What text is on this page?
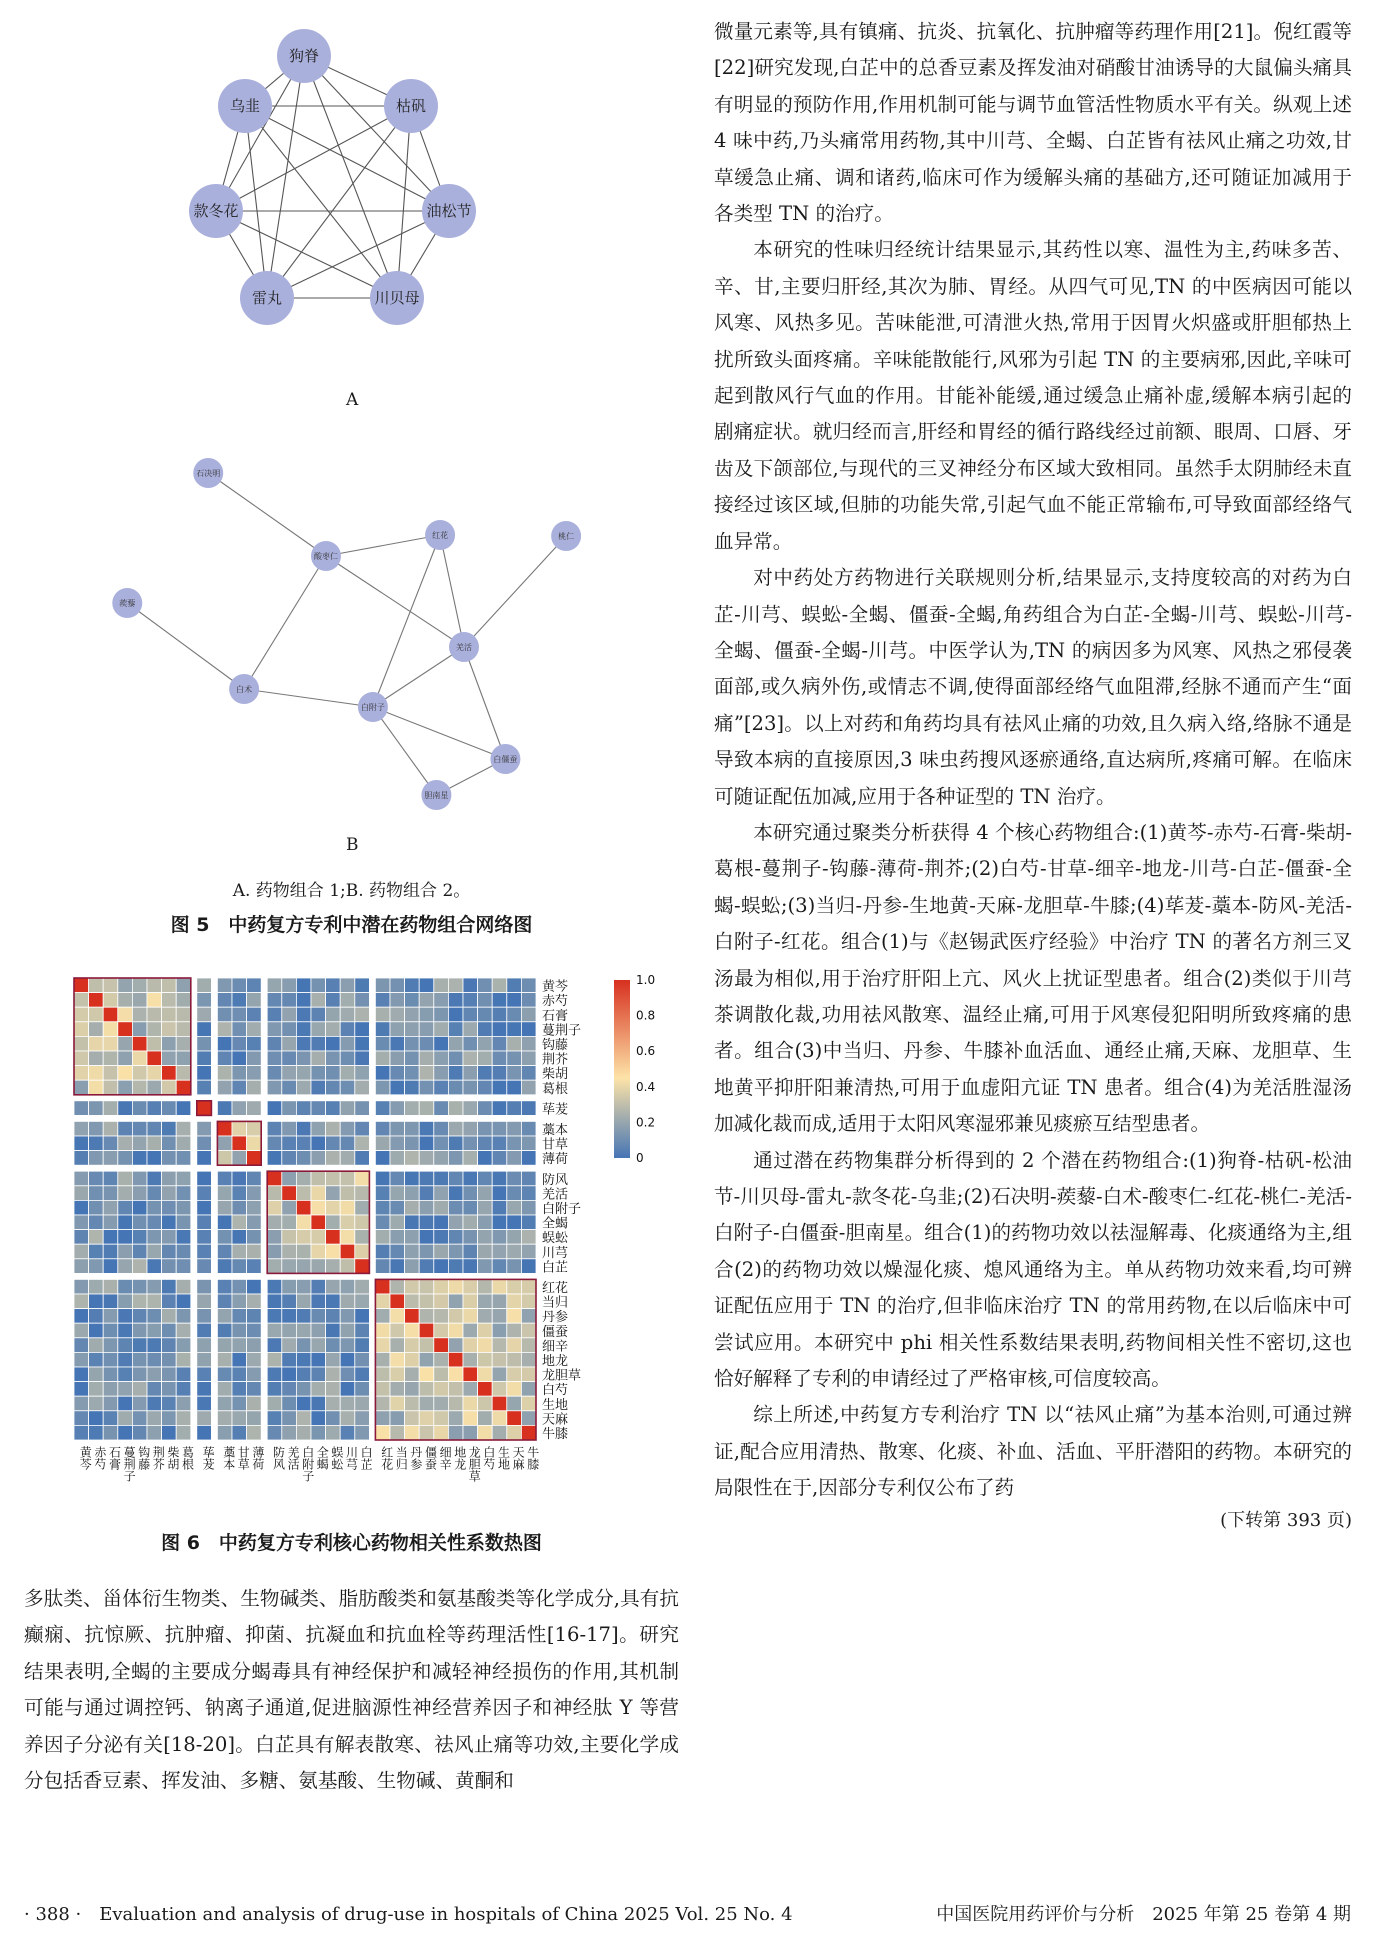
狗脊
枯矾
油松节
川贝母
雷丸
款冬花
乌韭
A
石决明
蒺藜
白术
酸枣仁
红花	桃仁
羌活
白附子
白僵蚕
胆南星
B
A. 药物组合 1;B. 药物组合 2。
图 5　中药复方专利中潜在药物组合网络图
黄芩
赤芍
石膏
蔓荆子
钩藤
荆芥
柴胡
葛根
荜茇
藁本
甘草
薄荷
防风
羌活
白附子
全蝎
蜈蚣
川芎
白芷
红花
当归
丹参
僵蚕
细辛
地龙
龙胆草
白芍
生地
天麻
牛膝
黄芩 赤芍 石膏 蔓荆子 钩藤 荆芥 柴胡 葛根 荜茇 藁本 甘草 薄荷 防风 羌活 白附子 全蝎 蜈蚣 川芎 白芷 红花 当归 丹参 僵蚕 细辛 地龙 龙胆草 白芍 生地 天麻 牛膝
1.0
0.8
0.6
0.4
0.2
0
图 6　中药复方专利核心药物相关性系数热图

多肽类、甾体衍生物类、生物碱类、脂肪酸类和氨基酸类等化学成分,具有抗癫痫、抗惊厥、抗肿瘤、抑菌、抗凝血和抗血栓等药理活性[16-17]。研究结果表明,全蝎的主要成分蝎毒具有神经保护和减轻神经损伤的作用,其机制可能与通过调控钙、钠离子通道,促进脑源性神经营养因子和神经肽 Y 等营养因子分泌有关[18-20]。白芷具有解表散寒、祛风止痛等功效,主要化学成分包括香豆素、挥发油、多糖、氨基酸、生物碱、黄酮和

微量元素等,具有镇痛、抗炎、抗氧化、抗肿瘤等药理作用[21]。倪红霞等[22]研究发现,白芷中的总香豆素及挥发油对硝酸甘油诱导的大鼠偏头痛具有明显的预防作用,作用机制可能与调节血管活性物质水平有关。纵观上述 4 味中药,乃头痛常用药物,其中川芎、全蝎、白芷皆有祛风止痛之功效,甘草缓急止痛、调和诸药,临床可作为缓解头痛的基础方,还可随证加减用于各类型 TN 的治疗。

本研究的性味归经统计结果显示,其药性以寒、温性为主,药味多苦、辛、甘,主要归肝经,其次为肺、胃经。从四气可见,TN 的中医病因可能以风寒、风热多见。苦味能泄,可清泄火热,常用于因胃火炽盛或肝胆郁热上扰所致头面疼痛。辛味能散能行,风邪为引起 TN 的主要病邪,因此,辛味可起到散风行气血的作用。甘能补能缓,通过缓急止痛补虚,缓解本病引起的剧痛症状。就归经而言,肝经和胃经的循行路线经过前额、眼周、口唇、牙齿及下颌部位,与现代的三叉神经分布区域大致相同。虽然手太阴肺经未直接经过该区域,但肺的功能失常,引起气血不能正常输布,可导致面部经络气血异常。

对中药处方药物进行关联规则分析,结果显示,支持度较高的对药为白芷-川芎、蜈蚣-全蝎、僵蚕-全蝎,角药组合为白芷-全蝎-川芎、蜈蚣-川芎-全蝎、僵蚕-全蝎-川芎。中医学认为,TN 的病因多为风寒、风热之邪侵袭面部,或久病外伤,或情志不调,使得面部经络气血阻滞,经脉不通而产生“面痛”[23]。以上对药和角药均具有祛风止痛的功效,且久病入络,络脉不通是导致本病的直接原因,3 味虫药搜风逐瘀通络,直达病所,疼痛可解。在临床可随证配伍加减,应用于各种证型的 TN 治疗。

本研究通过聚类分析获得 4 个核心药物组合:(1)黄芩-赤芍-石膏-柴胡-葛根-蔓荆子-钩藤-薄荷-荆芥;(2)白芍-甘草-细辛-地龙-川芎-白芷-僵蚕-全蝎-蜈蚣;(3)当归-丹参-生地黄-天麻-龙胆草-牛膝;(4)荜茇-藁本-防风-羌活-白附子-红花。组合(1)与《赵锡武医疗经验》中治疗 TN 的著名方剂三叉汤最为相似,用于治疗肝阳上亢、风火上扰证型患者。组合(2)类似于川芎茶调散化裁,功用祛风散寒、温经止痛,可用于风寒侵犯阳明所致疼痛的患者。组合(3)中当归、丹参、牛膝补血活血、通经止痛,天麻、龙胆草、生地黄平抑肝阳兼清热,可用于血虚阳亢证 TN 患者。组合(4)为羌活胜湿汤加减化裁而成,适用于太阳风寒湿邪兼见痰瘀互结型患者。

通过潜在药物集群分析得到的 2 个潜在药物组合:(1)狗脊-枯矾-松油节-川贝母-雷丸-款冬花-乌韭;(2)石决明-蒺藜-白术-酸枣仁-红花-桃仁-羌活-白附子-白僵蚕-胆南星。组合(1)的药物功效以祛湿解毒、化痰通络为主,组合(2)的药物功效以燥湿化痰、熄风通络为主。单从药物功效来看,均可辨证配伍应用于 TN 的治疗,但非临床治疗 TN 的常用药物,在以后临床中可尝试应用。本研究中 phi 相关性系数结果表明,药物间相关性不密切,这也恰好解释了专利的申请经过了严格审核,可信度较高。

综上所述,中药复方专利治疗 TN 以“祛风止痛”为基本治则,可通过辨证,配合应用清热、散寒、化痰、补血、活血、平肝潜阳的药物。本研究的局限性在于,因部分专利仅公布了药

(下转第 393 页)
· 388 ·　Evaluation and analysis of drug-use in hospitals of China 2025 Vol. 25 No. 4	中国医院用药评价与分析　2025 年第 25 卷第 4 期
